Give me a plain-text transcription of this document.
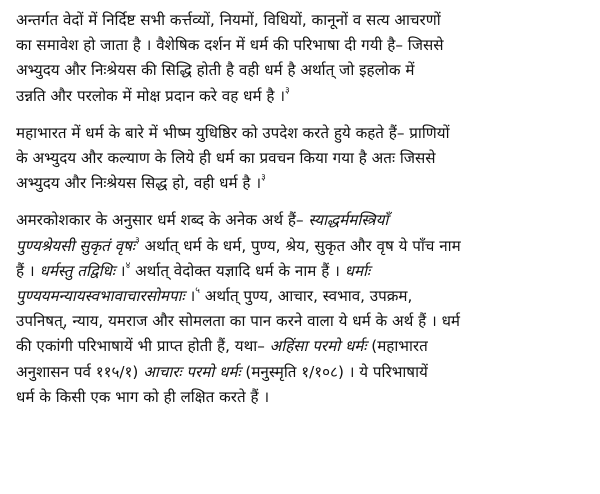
अन्तर्गत वेदों में निर्दिष्ट सभी कर्त्तव्यों, नियमों, विधियों, कानूनों व सत्य आचरणों
का समावेश हो जाता है । वैशेषिक दर्शन में धर्म की परिभाषा दी गयी है– जिससे
अभ्युदय और निःश्रेयस की सिद्धि होती है वही धर्म है अर्थात् जो इहलोक में
उन्नति और परलोक में मोक्ष प्रदान करे वह धर्म है ।$^३$

महाभारत में धर्म के बारे में भीष्म युधिष्ठिर को उपदेश करते हुये कहते हैं– प्राणियों
के अभ्युदय और कल्याण के लिये ही धर्म का प्रवचन किया गया है अतः जिससे
अभ्युदय और निःश्रेयस सिद्ध हो, वही धर्म है ।$^३$

अमरकोशकार के अनुसार धर्म शब्द के अनेक अर्थ हैं– स्याद्धर्ममस्त्रियाँ
पुण्यश्रेयसी सुकृतं वृषः$^३$ अर्थात् धर्म के धर्म, पुण्य, श्रेय, सुकृत और वृष ये पाँच नाम
हैं । धर्मस्तु तद्विधिः ।$^४$ अर्थात् वेदोक्त यज्ञादि धर्म के नाम हैं । धर्माः
पुण्ययमन्यायस्वभावाचारसोमपाः ।$^५$ अर्थात् पुण्य, आचार, स्वभाव, उपक्रम,
उपनिषत्, न्याय, यमराज और सोमलता का पान करने वाला ये धर्म के अर्थ हैं । धर्म
की एकांगी परिभाषायें भी प्राप्त होती हैं, यथा– अहिंसा परमो धर्मः (महाभारत
अनुशासन पर्व ११५/१) आचारः परमो धर्मः (मनुस्मृति १/१०८) । ये परिभाषायें
धर्म के किसी एक भाग को ही लक्षित करते हैं ।
